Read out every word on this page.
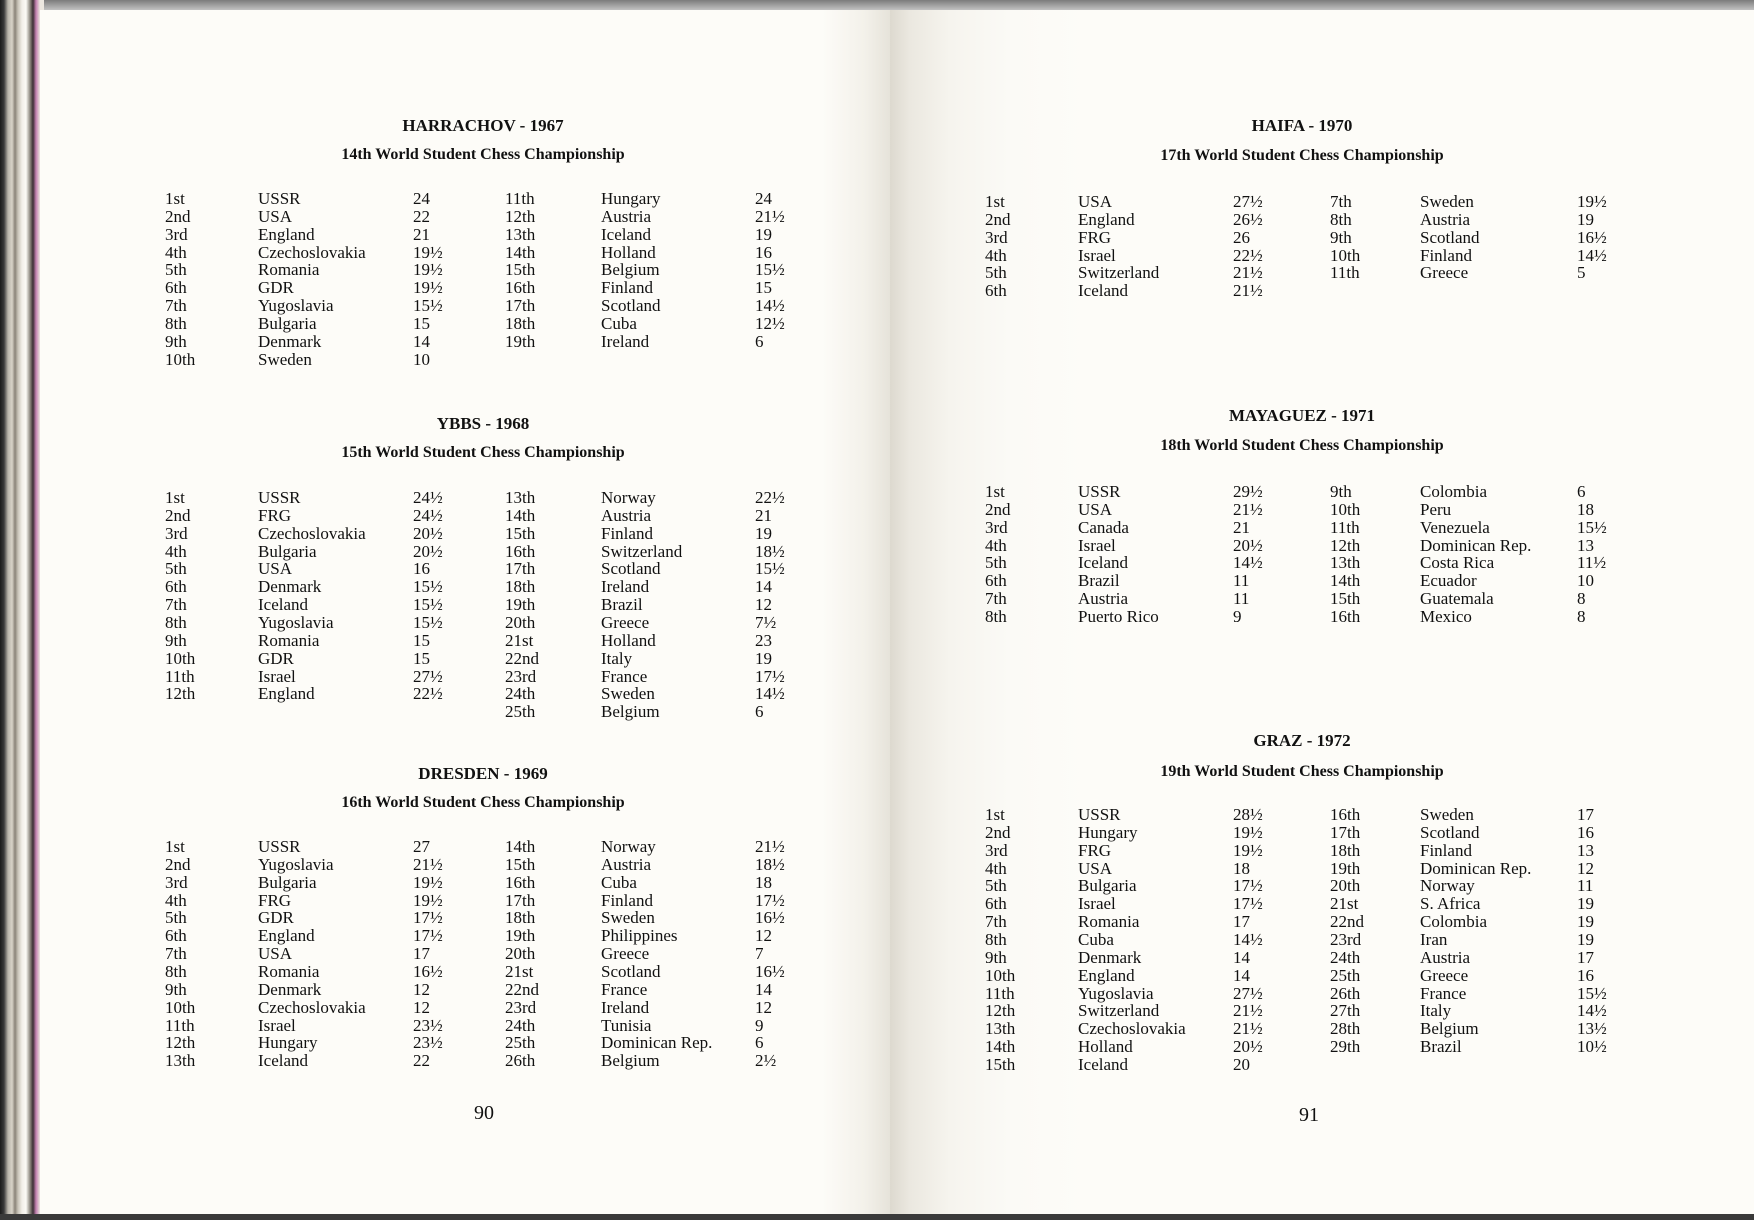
HARRACHOV - 1967
14th World Student Chess Championship
1st	USSR	24	11th	Hungary	24
2nd	USA	22	12th	Austria	21½
3rd	England	21	13th	Iceland	19
4th	Czechoslovakia	19½	14th	Holland	16
5th	Romania	19½	15th	Belgium	15½
6th	GDR	19½	16th	Finland	15
7th	Yugoslavia	15½	17th	Scotland	14½
8th	Bulgaria	15	18th	Cuba	12½
9th	Denmark	14	19th	Ireland	6
10th	Sweden	10
YBBS - 1968
15th World Student Chess Championship
1st	USSR	24½	13th	Norway	22½
2nd	FRG	24½	14th	Austria	21
3rd	Czechoslovakia	20½	15th	Finland	19
4th	Bulgaria	20½	16th	Switzerland	18½
5th	USA	16	17th	Scotland	15½
6th	Denmark	15½	18th	Ireland	14
7th	Iceland	15½	19th	Brazil	12
8th	Yugoslavia	15½	20th	Greece	7½
9th	Romania	15	21st	Holland	23
10th	GDR	15	22nd	Italy	19
11th	Israel	27½	23rd	France	17½
12th	England	22½	24th	Sweden	14½
25th	Belgium	6
DRESDEN - 1969
16th World Student Chess Championship
1st	USSR	27	14th	Norway	21½
2nd	Yugoslavia	21½	15th	Austria	18½
3rd	Bulgaria	19½	16th	Cuba	18
4th	FRG	19½	17th	Finland	17½
5th	GDR	17½	18th	Sweden	16½
6th	England	17½	19th	Philippines	12
7th	USA	17	20th	Greece	7
8th	Romania	16½	21st	Scotland	16½
9th	Denmark	12	22nd	France	14
10th	Czechoslovakia	12	23rd	Ireland	12
11th	Israel	23½	24th	Tunisia	9
12th	Hungary	23½	25th	Dominican Rep.	6
13th	Iceland	22	26th	Belgium	2½
HAIFA - 1970
17th World Student Chess Championship
1st	USA	27½	7th	Sweden	19½
2nd	England	26½	8th	Austria	19
3rd	FRG	26	9th	Scotland	16½
4th	Israel	22½	10th	Finland	14½
5th	Switzerland	21½	11th	Greece	5
6th	Iceland	21½
MAYAGUEZ - 1971
18th World Student Chess Championship
1st	USSR	29½	9th	Colombia	6
2nd	USA	21½	10th	Peru	18
3rd	Canada	21	11th	Venezuela	15½
4th	Israel	20½	12th	Dominican Rep.	13
5th	Iceland	14½	13th	Costa Rica	11½
6th	Brazil	11	14th	Ecuador	10
7th	Austria	11	15th	Guatemala	8
8th	Puerto Rico	9	16th	Mexico	8
GRAZ - 1972
19th World Student Chess Championship
1st	USSR	28½	16th	Sweden	17
2nd	Hungary	19½	17th	Scotland	16
3rd	FRG	19½	18th	Finland	13
4th	USA	18	19th	Dominican Rep.	12
5th	Bulgaria	17½	20th	Norway	11
6th	Israel	17½	21st	S. Africa	19
7th	Romania	17	22nd	Colombia	19
8th	Cuba	14½	23rd	Iran	19
9th	Denmark	14	24th	Austria	17
10th	England	14	25th	Greece	16
11th	Yugoslavia	27½	26th	France	15½
12th	Switzerland	21½	27th	Italy	14½
13th	Czechoslovakia	21½	28th	Belgium	13½
14th	Holland	20½	29th	Brazil	10½
15th	Iceland	20
90	91
